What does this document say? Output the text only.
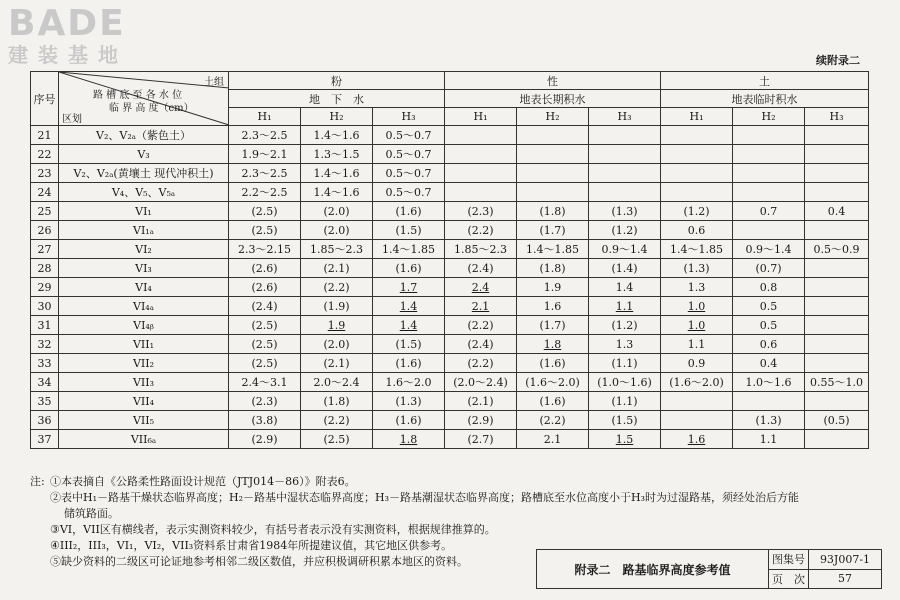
BADE
建装基地	续附录二
序号	土组
路 槽 底 至 各 水 位
临 界 高 度（cm）
区划	粉			性			土		
		地　下　水			地表长期积水			地表临时积水		
		H₁	H₂	H₃	H₁	H₂	H₃	H₁	H₂	H₃
21	V₂、V₂ₐ（紫色土）	2.3～2.5	1.4～1.6	0.5～0.7						
22	V₃	1.9～2.1	1.3～1.5	0.5～0.7						
23	V₂、V₂ₐ(黄壤土 现代冲积土)	2.3～2.5	1.4～1.6	0.5～0.7						
24	V₄、V₅、V₅ₐ	2.2～2.5	1.4～1.6	0.5～0.7						
25	VI₁	(2.5)	(2.0)	(1.6)	(2.3)	(1.8)	(1.3)	(1.2)	0.7	0.4
26	VI₁ₐ	(2.5)	(2.0)	(1.5)	(2.2)	(1.7)	(1.2)	0.6		
27	VI₂	2.3～2.15	1.85～2.3	1.4～1.85	1.85～2.3	1.4～1.85	0.9～1.4	1.4～1.85	0.9～1.4	0.5～0.9
28	VI₃	(2.6)	(2.1)	(1.6)	(2.4)	(1.8)	(1.4)	(1.3)	(0.7)	
29	VI₄	(2.6)	(2.2)	1.7	2.4	1.9	1.4	1.3	0.8	
30	VI₄ₐ	(2.4)	(1.9)	1.4	2.1	1.6	1.1	1.0	0.5	
31	VI₄ᵦ	(2.5)	1.9	1.4	(2.2)	(1.7)	(1.2)	1.0	0.5	
32	VII₁	(2.5)	(2.0)	(1.5)	(2.4)	1.8	1.3	1.1	0.6	
33	VII₂	(2.5)	(2.1)	(1.6)	(2.2)	(1.6)	(1.1)	0.9	0.4	
34	VII₃	2.4～3.1	2.0～2.4	1.6～2.0	(2.0～2.4)	(1.6～2.0)	(1.0～1.6)	(1.6～2.0)	1.0～1.6	0.55～1.0
35	VII₄	(2.3)	(1.8)	(1.3)	(2.1)	(1.6)	(1.1)			
36	VII₅	(3.8)	(2.2)	(1.6)	(2.9)	(2.2)	(1.5)		(1.3)	(0.5)
37	VII₆ₐ	(2.9)	(2.5)	1.8	(2.7)	2.1	1.5	1.6	1.1	
注: ①本表摘自《公路柔性路面设计规范（JTJ014－86）》附表6。
②表中H₁－路基干燥状态临界高度；H₂－路基中湿状态临界高度；H₃－路基潮湿状态临界高度；路槽底至水位高度小于H₃时为过湿路基，须经处治后方能
储筑路面。
③VI，VII区有横线者，表示实测资料较少，有括号者表示没有实测资料，根据规律推算的。
④III₂，III₃，VI₁，VI₂，VII₃资料系甘肃省1984年所提建议值，其它地区供参考。
⑤缺少资料的二级区可论证地参考相邻二级区数值，并应积极调研积累本地区的资料。
附录二　路基临界高度参考值	图集号	93J007-1
	页　次	57
